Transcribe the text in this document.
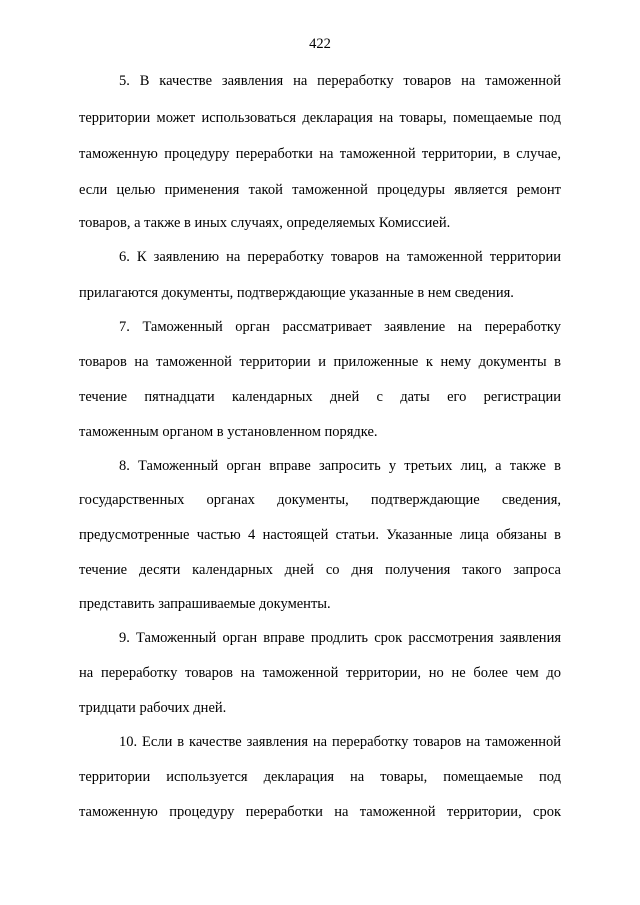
422
5. В качестве заявления на переработку товаров на таможенной
территории может использоваться декларация на товары, помещаемые под
таможенную процедуру переработки на таможенной территории, в случае,
если целью применения такой таможенной процедуры является ремонт
товаров, а также в иных случаях, определяемых Комиссией.
6. К заявлению на переработку товаров на таможенной территории
прилагаются документы, подтверждающие указанные в нем сведения.
7. Таможенный орган рассматривает заявление на переработку
товаров на таможенной территории и приложенные к нему документы в
течение пятнадцати календарных дней с даты его регистрации
таможенным органом в установленном порядке.
8. Таможенный орган вправе запросить у третьих лиц, а также в
государственных органах документы, подтверждающие сведения,
предусмотренные частью 4 настоящей статьи. Указанные лица обязаны в
течение десяти календарных дней со дня получения такого запроса
представить запрашиваемые документы.
9. Таможенный орган вправе продлить срок рассмотрения заявления
на переработку товаров на таможенной территории, но не более чем до
тридцати рабочих дней.
10. Если в качестве заявления на переработку товаров на таможенной
территории используется декларация на товары, помещаемые под
таможенную процедуру переработки на таможенной территории, срок
